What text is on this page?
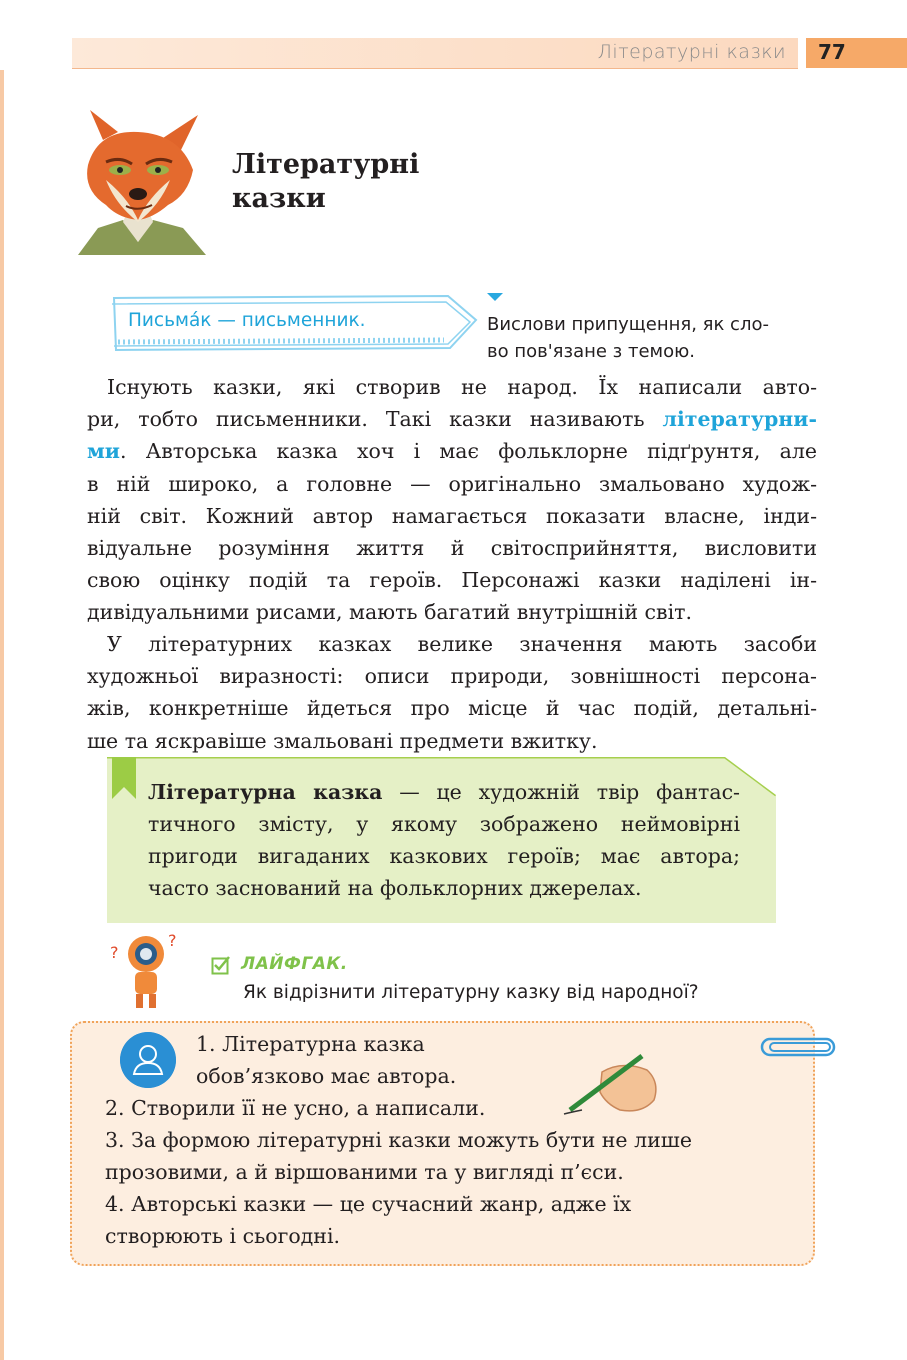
Літературні казки 77
Літературні
казки
Письма́к — письменник.	Вислови припущення, як сло-
во пов'язане з темою.
Існують казки, які створив не народ. Їх написали авто-
ри, тобто письменники. Такі казки називають літературни-
ми. Авторська казка хоч і має фольклорне підґрунтя, але
в ній широко, а головне — оригінально змальовано худож-
ній світ. Кожний автор намагається показати власне, інди-
відуальне розуміння життя й світосприйняття, висловити
свою оцінку подій та героїв. Персонажі казки наділені ін-
дивідуальними рисами, мають багатий внутрішній світ.
У літературних казках велике значення мають засоби
художньої виразності: описи природи, зовнішності персона-
жів, конкретніше йдеться про місце й час подій, детальні-
ше та яскравіше змальовані предмети вжитку.
Літературна казка — це художній твір фантас-
тичного змісту, у якому зображено неймовірні
пригоди вигаданих казкових героїв; має автора;
часто заснований на фольклорних джерелах.
?
?
ЛАЙФГАК.
Як відрізнити літературну казку від народної?
1. Літературна казка
обов’язково має автора.
2. Створили її не усно, а написали.
3. За формою літературні казки можуть бути не лише
прозовими, а й віршованими та у вигляді п’єси.
4. Авторські казки — це сучасний жанр, адже їх
створюють і сьогодні.
